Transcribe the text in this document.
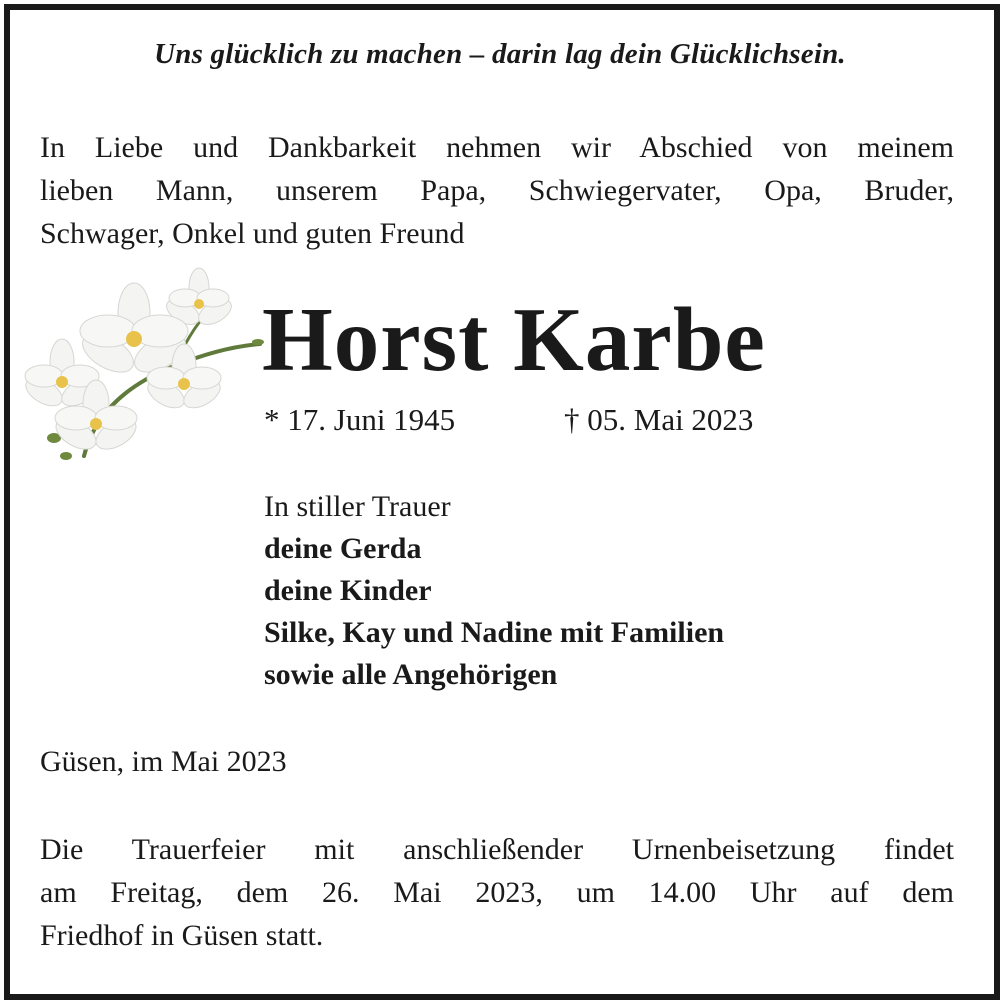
Uns glücklich zu machen – darin lag dein Glücklichsein.
In Liebe und Dankbarkeit nehmen wir Abschied von meinem
lieben Mann, unserem Papa, Schwiegervater, Opa, Bruder,
Schwager, Onkel und guten Freund
Horst Karbe
* 17. Juni 1945	† 05. Mai 2023
In stiller Trauer
deine Gerda
deine Kinder
Silke, Kay und Nadine mit Familien
sowie alle Angehörigen
Güsen, im Mai 2023
Die Trauerfeier mit anschließender Urnenbeisetzung findet
am Freitag, dem 26. Mai 2023, um 14.00 Uhr auf dem
Friedhof in Güsen statt.
